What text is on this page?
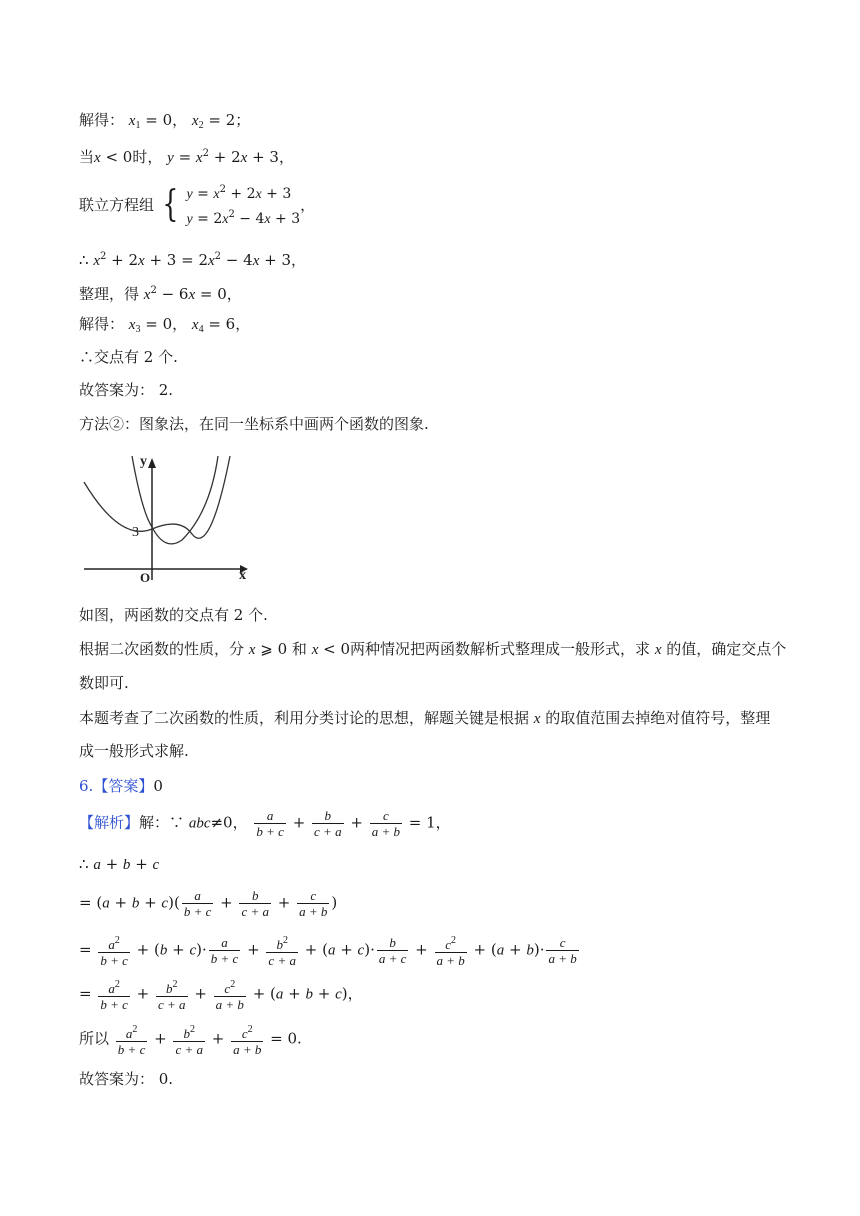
解得： $x_1 = 0$， $x_2 = 2$；
当x < 0时， $y = x^2 + 2x + 3$，
联立方程组 { $y = x^2 + 2x + 3$
$y = 2x^2 - 4x + 3$
，
∴ $x^2 + 2x + 3 = 2x^2 - 4x + 3$，
整理，得 $x^2 - 6x = 0$，
解得： $x_3 = 0$， $x_4 = 6$，
∴交点有 2 个.
故答案为： 2.
方法②：图象法，在同一坐标系中画两个函数的图象.
y
x
O
3
如图，两函数的交点有 2 个.
根据二次函数的性质，分 x ⩾ 0 和 x < 0两种情况把两函数解析式整理成一般形式，求 x 的值，确定交点个
数即可.
本题考查了二次函数的性质，利用分类讨论的思想，解题关键是根据 x 的取值范围去掉绝对值符号，整理
成一般形式求解.
6.【答案】0
【解析】解：∵ abc≠0， $\frac{a}{b + c} + \frac{b}{c + a} + \frac{c}{a + b} = 1$，
∴ a + b + c
= $(a + b + c)( \frac{a}{b + c} + \frac{b}{c + a} + \frac{c}{a + b}$ )
= $\frac{a^2}{b + c} + (b + c)\cdot \frac{a}{b + c} + \frac{b^2}{c + a} + (a + c)\cdot \frac{b}{a + c} + \frac{c^2}{a + b} + (a + b)\cdot \frac{c}{a + b}$
= $\frac{a^2}{b + c} + \frac{b^2}{c + a} + \frac{c^2}{a + b} + (a + b + c)$，
所以 $\frac{a^2}{b + c} + \frac{b^2}{c + a} + \frac{c^2}{a + b} = 0$.
故答案为： 0.
